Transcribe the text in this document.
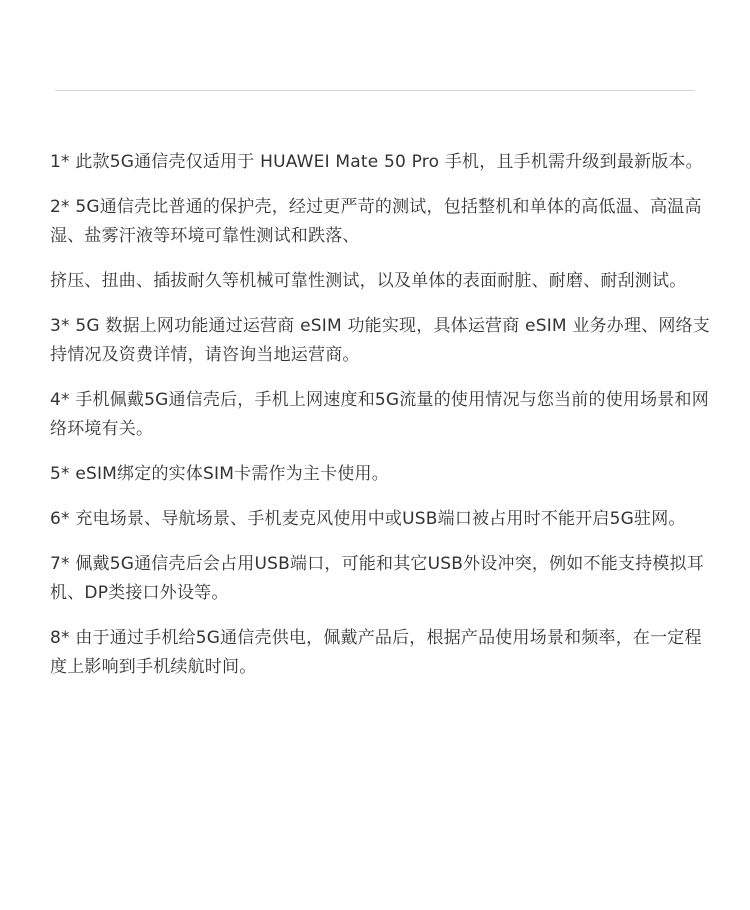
1* 此款5G通信壳仅适用于 HUAWEI Mate 50 Pro 手机，且手机需升级到最新版本。

2* 5G通信壳比普通的保护壳，经过更严苛的测试，包括整机和单体的高低温、高温高湿、盐雾汗液等环境可靠性测试和跌落、

挤压、扭曲、插拔耐久等机械可靠性测试，以及单体的表面耐脏、耐磨、耐刮测试。

3* 5G 数据上网功能通过运营商 eSIM 功能实现，具体运营商 eSIM 业务办理、网络支持情况及资费详情，请咨询当地运营商。

4* 手机佩戴5G通信壳后，手机上网速度和5G流量的使用情况与您当前的使用场景和网络环境有关。

5* eSIM绑定的实体SIM卡需作为主卡使用。

6* 充电场景、导航场景、手机麦克风使用中或USB端口被占用时不能开启5G驻网。

7* 佩戴5G通信壳后会占用USB端口，可能和其它USB外设冲突，例如不能支持模拟耳机、DP类接口外设等。

8* 由于通过手机给5G通信壳供电，佩戴产品后，根据产品使用场景和频率，在一定程度上影响到手机续航时间。
